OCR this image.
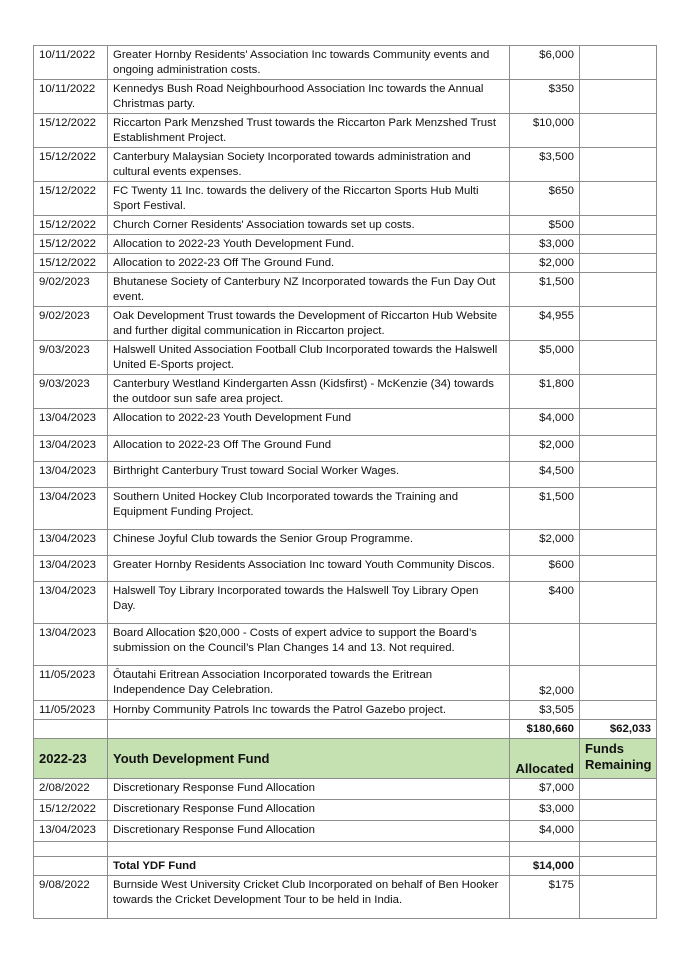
10/11/2022	Greater Hornby Residents' Association Inc towards Community events and ongoing administration costs.	$6,000	
10/11/2022	Kennedys Bush Road Neighbourhood Association Inc towards the Annual Christmas party.	$350	
15/12/2022	Riccarton Park Menzshed Trust towards the Riccarton Park Menzshed Trust Establishment Project.	$10,000	
15/12/2022	Canterbury Malaysian Society Incorporated towards administration and cultural events expenses.	$3,500	
15/12/2022	FC Twenty 11 Inc. towards the delivery of the Riccarton Sports Hub Multi Sport Festival.	$650	
15/12/2022	Church Corner Residents' Association towards set up costs.	$500	
15/12/2022	Allocation to 2022-23 Youth Development Fund.	$3,000	
15/12/2022	Allocation to 2022-23 Off The Ground Fund.	$2,000	
9/02/2023	Bhutanese Society of Canterbury NZ Incorporated towards the Fun Day Out event.	$1,500	
9/02/2023	Oak Development Trust towards the Development of Riccarton Hub Website and further digital communication in Riccarton project.	$4,955	
9/03/2023	Halswell United Association Football Club Incorporated towards the Halswell United E-Sports project.	$5,000	
9/03/2023	Canterbury Westland Kindergarten Assn (Kidsfirst) - McKenzie (34) towards the outdoor sun safe area project.	$1,800	
13/04/2023	Allocation to 2022-23 Youth Development Fund	$4,000	
13/04/2023	Allocation to 2022-23 Off The Ground Fund	$2,000	
13/04/2023	Birthright Canterbury Trust toward Social Worker Wages.	$4,500	
13/04/2023	Southern United Hockey Club Incorporated towards the Training and Equipment Funding Project.	$1,500	
13/04/2023	Chinese Joyful Club towards the Senior Group Programme.	$2,000	
13/04/2023	Greater Hornby Residents Association Inc toward Youth Community Discos.	$600	
13/04/2023	Halswell Toy Library Incorporated towards the Halswell Toy Library Open Day.	$400	
13/04/2023	Board Allocation $20,000 - Costs of expert advice to support the Board’s submission on the Council’s Plan Changes 14 and 13. Not required.		
11/05/2023	Ōtautahi Eritrean Association Incorporated towards the Eritrean Independence Day Celebration.	$2,000	
11/05/2023	Hornby Community Patrols Inc towards the Patrol Gazebo project.	$3,505	
		$180,660	$62,033
2022-23	Youth Development Fund	Allocated	Funds Remaining
2/08/2022	Discretionary Response Fund Allocation	$7,000	
15/12/2022	Discretionary Response Fund Allocation	$3,000	
13/04/2023	Discretionary Response Fund Allocation	$4,000	

	Total YDF Fund	$14,000	
9/08/2022	Burnside West University Cricket Club Incorporated on behalf of Ben Hooker towards the Cricket Development Tour to be held in India.	$175	
